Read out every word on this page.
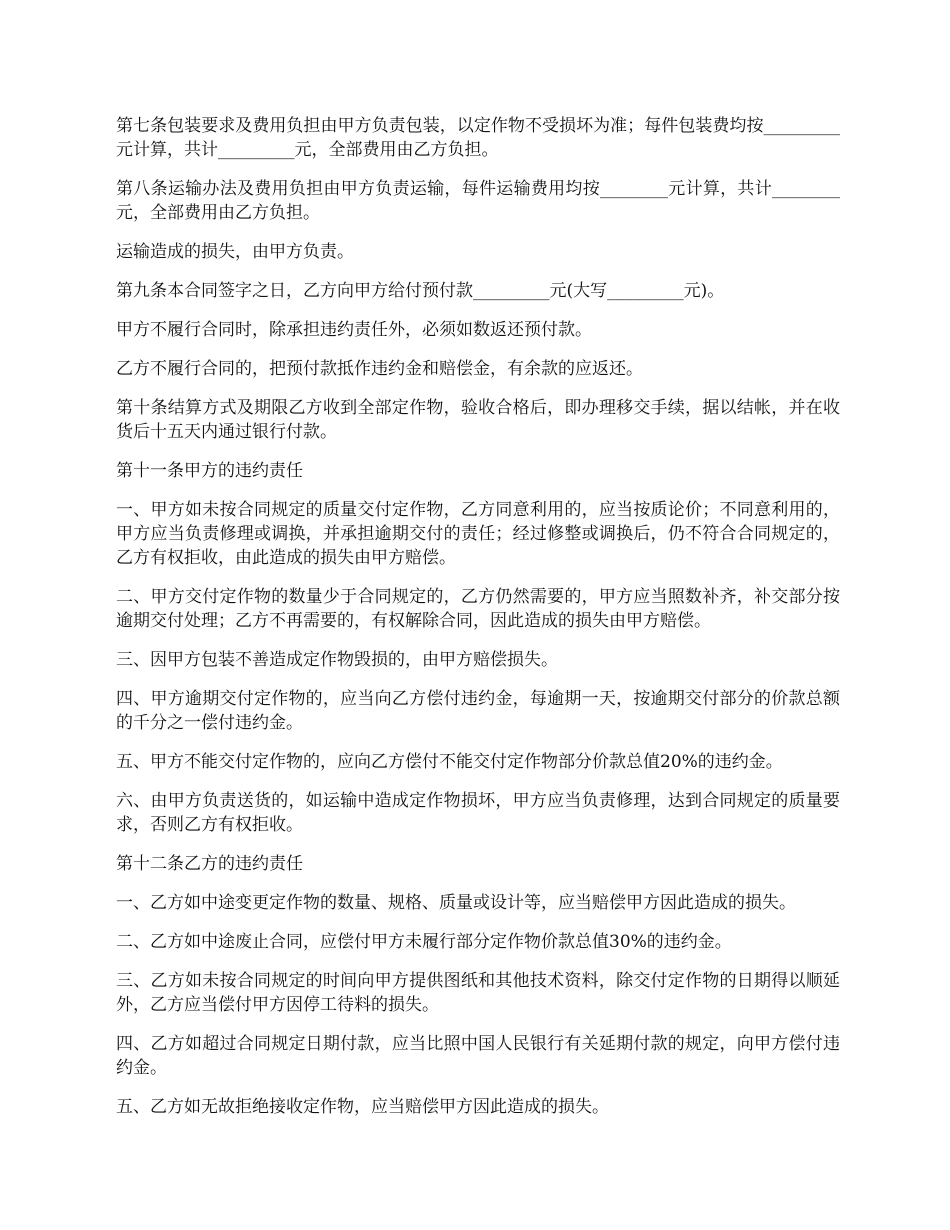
第七条包装要求及费用负担由甲方负责包装，以定作物不受损坏为准；每件包装费均按_________元计算，共计_________元，全部费用由乙方负担。

第八条运输办法及费用负担由甲方负责运输，每件运输费用均按________元计算，共计________元，全部费用由乙方负担。

运输造成的损失，由甲方负责。

第九条本合同签字之日，乙方向甲方给付预付款_________元(大写_________元)。

甲方不履行合同时，除承担违约责任外，必须如数返还预付款。

乙方不履行合同的，把预付款抵作违约金和赔偿金，有余款的应返还。

第十条结算方式及期限乙方收到全部定作物，验收合格后，即办理移交手续，据以结帐，并在收货后十五天内通过银行付款。

第十一条甲方的违约责任

一、甲方如未按合同规定的质量交付定作物，乙方同意利用的，应当按质论价；不同意利用的，甲方应当负责修理或调换，并承担逾期交付的责任；经过修整或调换后，仍不符合合同规定的，乙方有权拒收，由此造成的损失由甲方赔偿。

二、甲方交付定作物的数量少于合同规定的，乙方仍然需要的，甲方应当照数补齐，补交部分按逾期交付处理；乙方不再需要的，有权解除合同，因此造成的损失由甲方赔偿。

三、因甲方包装不善造成定作物毁损的，由甲方赔偿损失。

四、甲方逾期交付定作物的，应当向乙方偿付违约金，每逾期一天，按逾期交付部分的价款总额的千分之一偿付违约金。

五、甲方不能交付定作物的，应向乙方偿付不能交付定作物部分价款总值20%的违约金。

六、由甲方负责送货的，如运输中造成定作物损坏，甲方应当负责修理，达到合同规定的质量要求，否则乙方有权拒收。

第十二条乙方的违约责任

一、乙方如中途变更定作物的数量、规格、质量或设计等，应当赔偿甲方因此造成的损失。

二、乙方如中途废止合同，应偿付甲方未履行部分定作物价款总值30%的违约金。

三、乙方如未按合同规定的时间向甲方提供图纸和其他技术资料，除交付定作物的日期得以顺延外，乙方应当偿付甲方因停工待料的损失。

四、乙方如超过合同规定日期付款，应当比照中国人民银行有关延期付款的规定，向甲方偿付违约金。

五、乙方如无故拒绝接收定作物，应当赔偿甲方因此造成的损失。
